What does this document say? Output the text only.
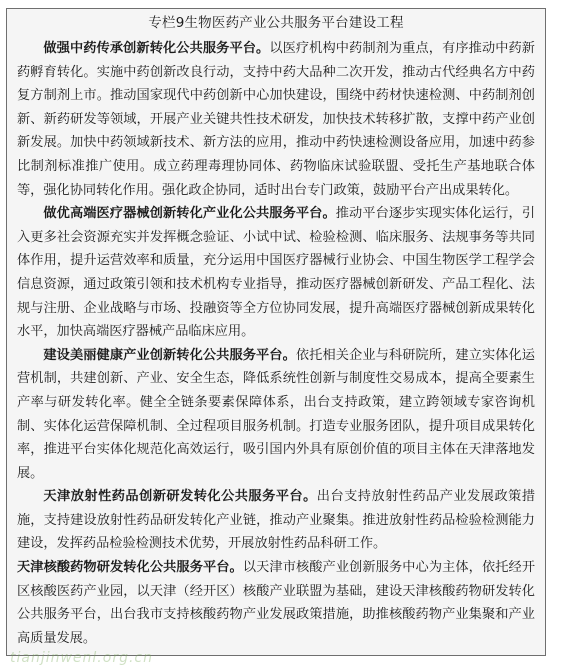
专栏9生物医药产业公共服务平台建设工程

做强中药传承创新转化公共服务平台。以医疗机构中药制剂为重点，有序推动中药新药孵育转化。实施中药创新改良行动，支持中药大品种二次开发，推动古代经典名方中药复方制剂上市。推动国家现代中药创新中心加快建设，围绕中药材快速检测、中药制剂创新、新药研发等领域，开展产业关键共性技术研发，加快技术转移扩散，支撑中药产业创新发展。加快中药领域新技术、新方法的应用，推动中药快速检测设备应用，加速中药参比制剂标准推广使用。成立药理毒理协同体、药物临床试验联盟、受托生产基地联合体等，强化协同转化作用。强化政企协同，适时出台专门政策，鼓励平台产出成果转化。

做优高端医疗器械创新转化产业化公共服务平台。推动平台逐步实现实体化运行，引入更多社会资源充实并发挥概念验证、小试中试、检验检测、临床服务、法规事务等共同体作用，提升运营效率和质量，充分运用中国医疗器械行业协会、中国生物医学工程学会信息资源，通过政策引领和技术机构专业指导，推动医疗器械创新研发、产品工程化、法规与注册、企业战略与市场、投融资等全方位协同发展，提升高端医疗器械创新成果转化水平，加快高端医疗器械产品临床应用。

建设美丽健康产业创新转化公共服务平台。依托相关企业与科研院所，建立实体化运营机制，共建创新、产业、安全生态，降低系统性创新与制度性交易成本，提高全要素生产率与研发转化率。健全全链条要素保障体系，出台支持政策，建立跨领域专家咨询机制、实体化运营保障机制、全过程项目服务机制。打造专业服务团队，提升项目成果转化率，推进平台实体化规范化高效运行，吸引国内外具有原创价值的项目主体在天津落地发展。

天津放射性药品创新研发转化公共服务平台。出台支持放射性药品产业发展政策措施，支持建设放射性药品研发转化产业链，推动产业聚集。推进放射性药品检验检测能力建设，发挥药品检验检测技术优势，开展放射性药品科研工作。

天津核酸药物研发转化公共服务平台。以天津市核酸产业创新服务中心为主体，依托经开区核酸医药产业园，以天津（经开区）核酸产业联盟为基础，建设天津核酸药物研发转化公共服务平台，出台我市支持核酸药物产业发展政策措施，助推核酸药物产业集聚和产业高质量发展。

tianjinwenl.org.cn
